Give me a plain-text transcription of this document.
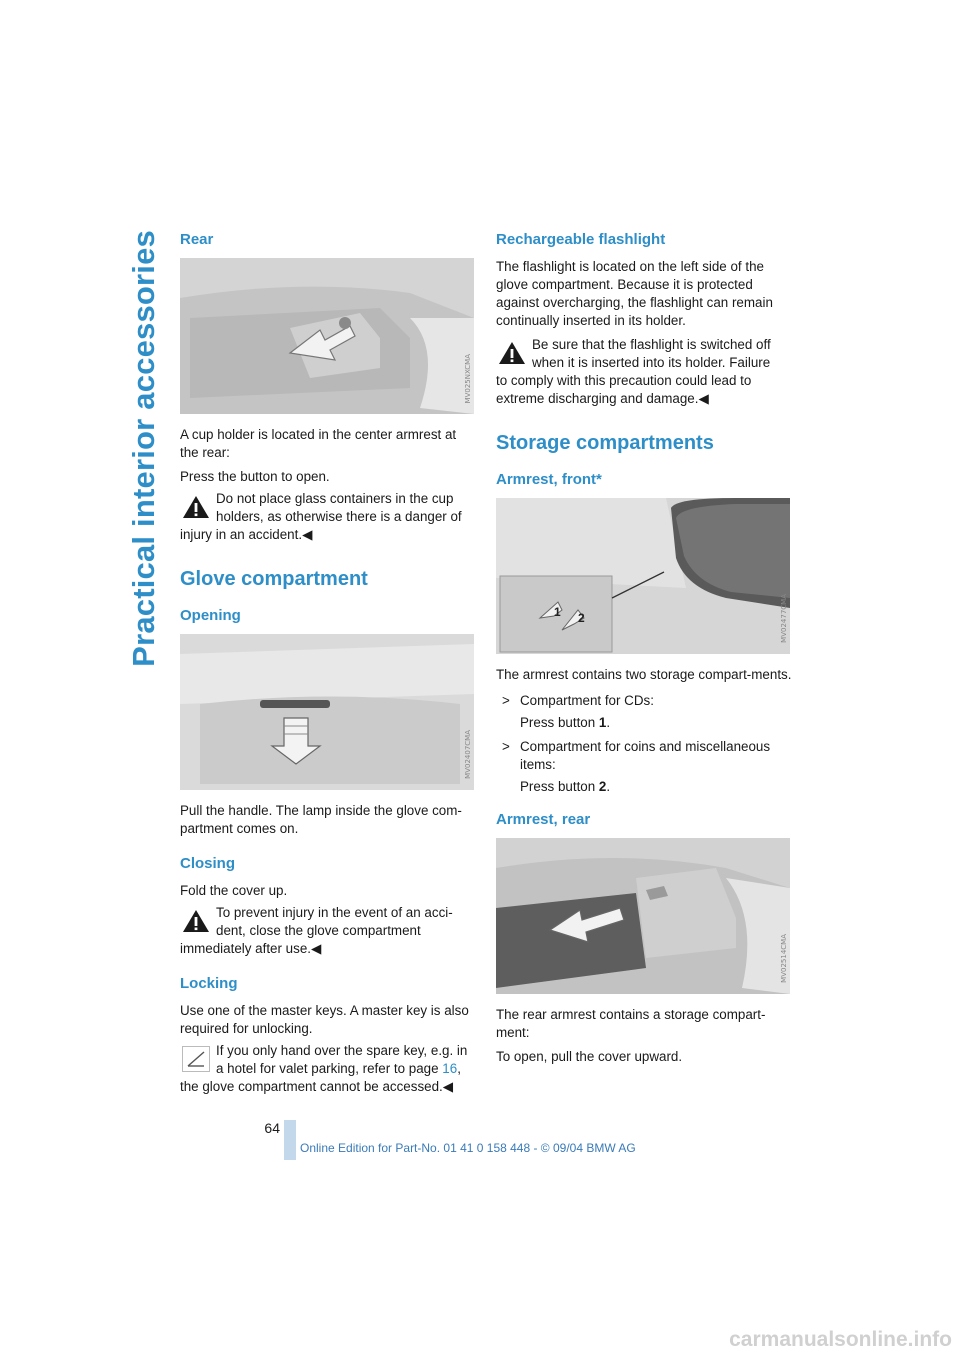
Practical interior accessories Rear
MV025NXCMA

A cup holder is located in the center armrest at the rear:

Press the button to open.

Do not place glass containers in the cup
holders, as otherwise there is a danger of
injury in an accident.◀
Glove compartment
Opening
MV02407CMA

Pull the handle. The lamp inside the glove com-partment comes on.

Closing

Fold the cover up.

To prevent injury in the event of an acci-
dent, close the glove compartment
immediately after use.◀
Locking

Use one of the master keys. A master key is also required for unlocking.

If you only hand over the spare key, e.g. in
a hotel for valet parking, refer to page 16,
the glove compartment cannot be accessed.◀
Rechargeable flashlight

The flashlight is located on the left side of the glove compartment. Because it is protected against overcharging, the flashlight can remain continually inserted in its holder.

Be sure that the flashlight is switched off
when it is inserted into its holder. Failure
to comply with this precaution could lead to extreme discharging and damage.◀
Storage compartments
Armrest, front*
1 2	MV02477CMA

The armrest contains two storage compart-ments.

> Compartment for CDs:
Press button 1.
> Compartment for coins and miscellaneous items:
Press button 2.
Armrest, rear
MV02514CMA

The rear armrest contains a storage compart-ment:

To open, pull the cover upward.

64
Online Edition for Part-No. 01 41 0 158 448 - © 09/04 BMW AG
carmanualsonline.info
